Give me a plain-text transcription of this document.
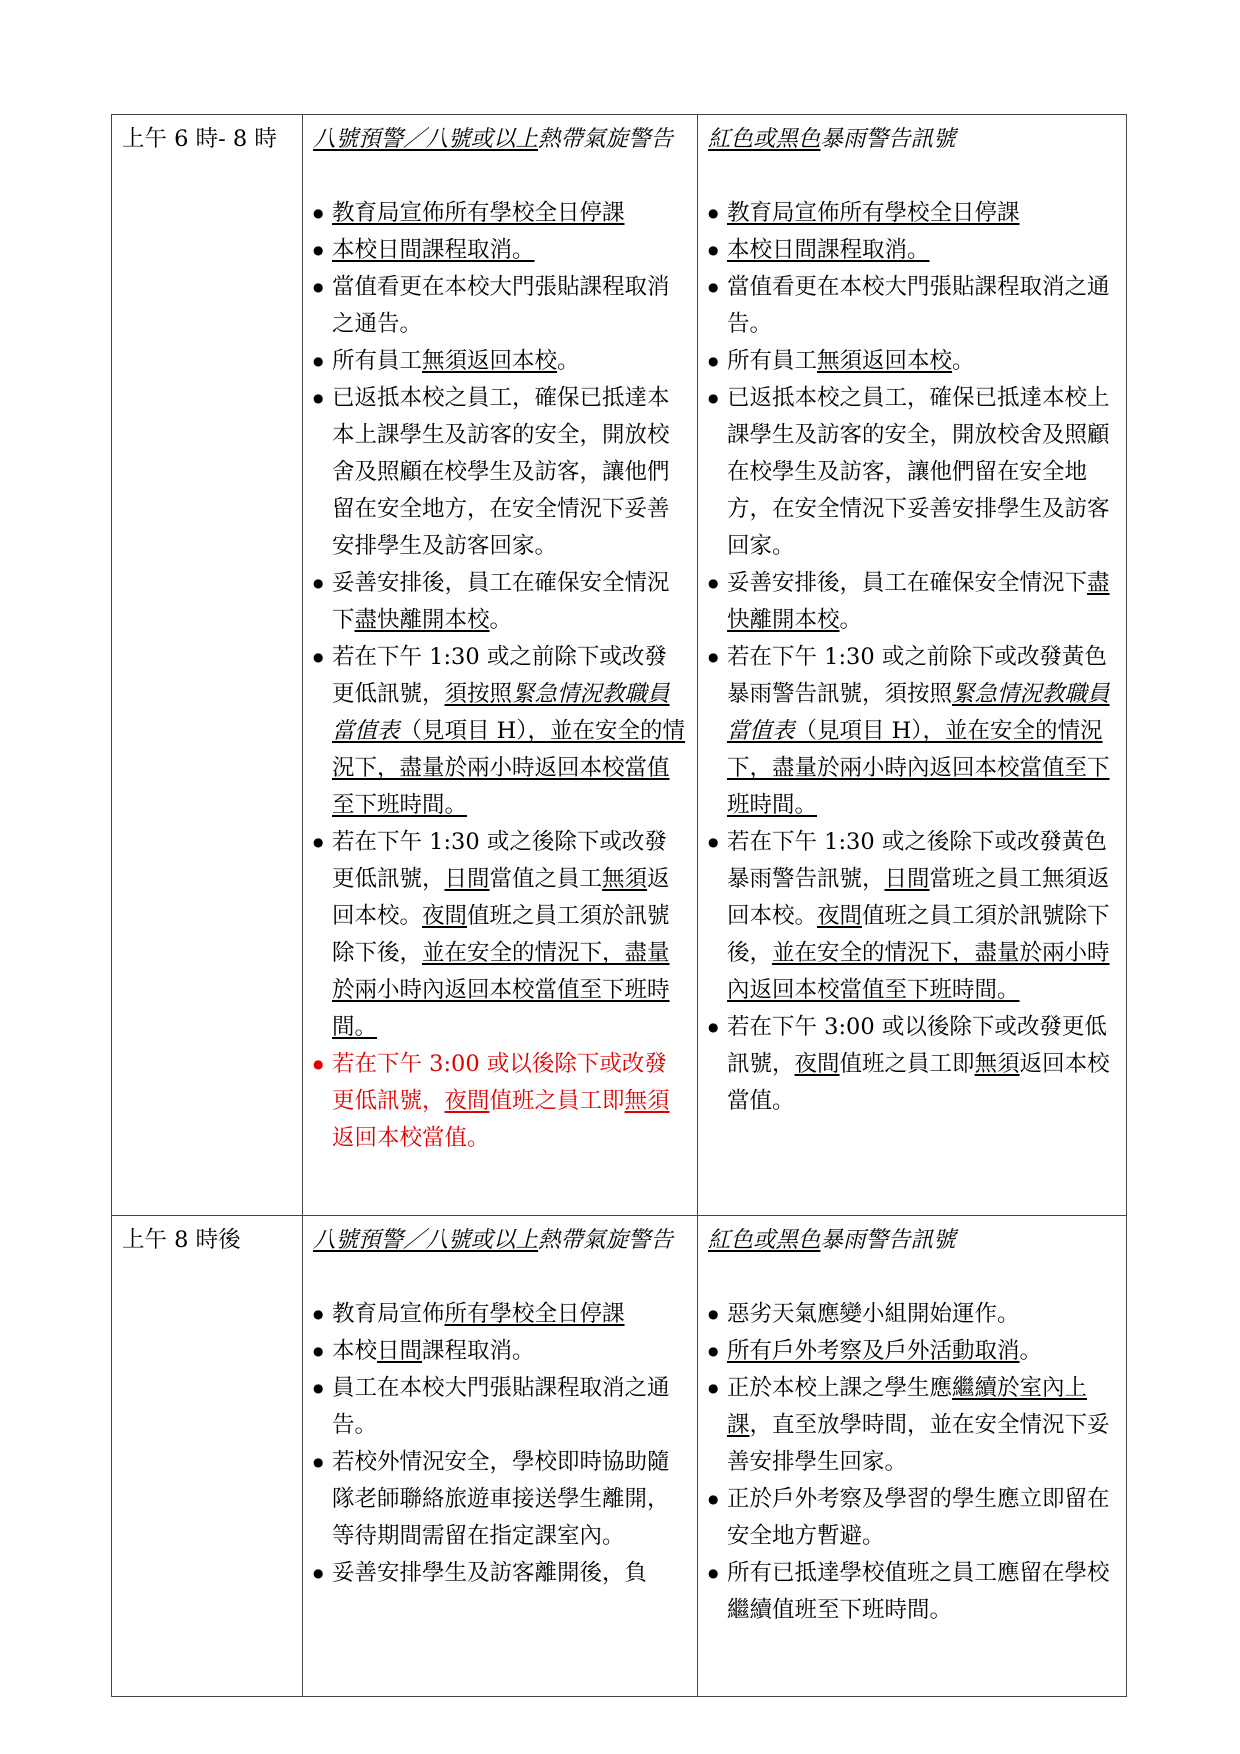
上午 6 時- 8 時	八號預警／八號或以上熱帶氣旋警告
● 教育局宣佈所有學校全日停課
● 本校日間課程取消。
● 當值看更在本校大門張貼課程取消之通告。
● 所有員工無須返回本校。
● 已返抵本校之員工，確保已抵達本本上課學生及訪客的安全，開放校舍及照顧在校學生及訪客，讓他們留在安全地方，在安全情況下妥善安排學生及訪客回家。
● 妥善安排後，員工在確保安全情況下盡快離開本校。
● 若在下午 1:30 或之前除下或改發更低訊號，須按照緊急情況教職員當值表（見項目 H），並在安全的情況下，盡量於兩小時返回本校當值至下班時間。
● 若在下午 1:30 或之後除下或改發更低訊號，日間當值之員工無須返回本校。夜間值班之員工須於訊號除下後，並在安全的情況下，盡量於兩小時內返回本校當值至下班時間。
● 若在下午 3:00 或以後除下或改發更低訊號，夜間值班之員工即無須返回本校當值。

紅色或黑色暴雨警告訊號
● 教育局宣佈所有學校全日停課
● 本校日間課程取消。
● 當值看更在本校大門張貼課程取消之通告。
● 所有員工無須返回本校。
● 已返抵本校之員工，確保已抵達本校上課學生及訪客的安全，開放校舍及照顧在校學生及訪客，讓他們留在安全地方，在安全情況下妥善安排學生及訪客回家。
● 妥善安排後，員工在確保安全情況下盡快離開本校。
● 若在下午 1:30 或之前除下或改發黃色暴雨警告訊號，須按照緊急情況教職員當值表（見項目 H），並在安全的情況下，盡量於兩小時內返回本校當值至下班時間。
● 若在下午 1:30 或之後除下或改發黃色暴雨警告訊號，日間當班之員工無須返回本校。夜間值班之員工須於訊號除下後，並在安全的情況下，盡量於兩小時內返回本校當值至下班時間。
● 若在下午 3:00 或以後除下或改發更低訊號，夜間值班之員工即無須返回本校當值。

上午 8 時後	八號預警／八號或以上熱帶氣旋警告
● 教育局宣佈所有學校全日停課
● 本校日間課程取消。
● 員工在本校大門張貼課程取消之通告。
● 若校外情況安全，學校即時協助隨隊老師聯絡旅遊車接送學生離開，等待期間需留在指定課室內。
● 妥善安排學生及訪客離開後，負

紅色或黑色暴雨警告訊號
● 惡劣天氣應變小組開始運作。
● 所有戶外考察及戶外活動取消。
● 正於本校上課之學生應繼續於室內上課，直至放學時間，並在安全情況下妥善安排學生回家。
● 正於戶外考察及學習的學生應立即留在安全地方暫避。
● 所有已抵達學校值班之員工應留在學校繼續值班至下班時間。
